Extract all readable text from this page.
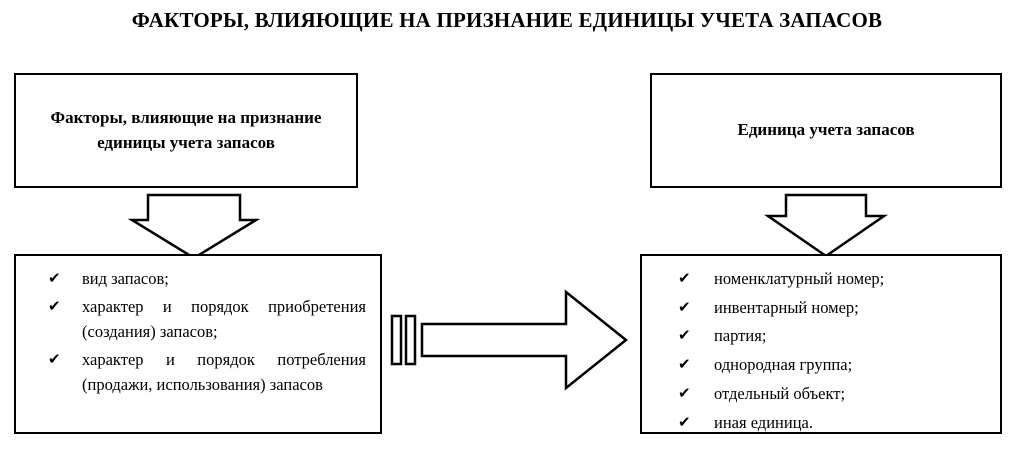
ФАКТОРЫ, ВЛИЯЮЩИЕ НА ПРИЗНАНИЕ ЕДИНИЦЫ УЧЕТА ЗАПАСОВ
Факторы, влияющие на признание единицы учета запасов
Единица учета запасов
✔	вид запасов;
✔	характер и порядок приобретения (создания) запасов;
✔	характер и порядок потребления (продажи, использования) запасов
✔ номенклатурный номер;
✔ инвентарный номер;
✔ партия;
✔ однородная группа;
✔ отдельный объект;
✔ иная единица.
